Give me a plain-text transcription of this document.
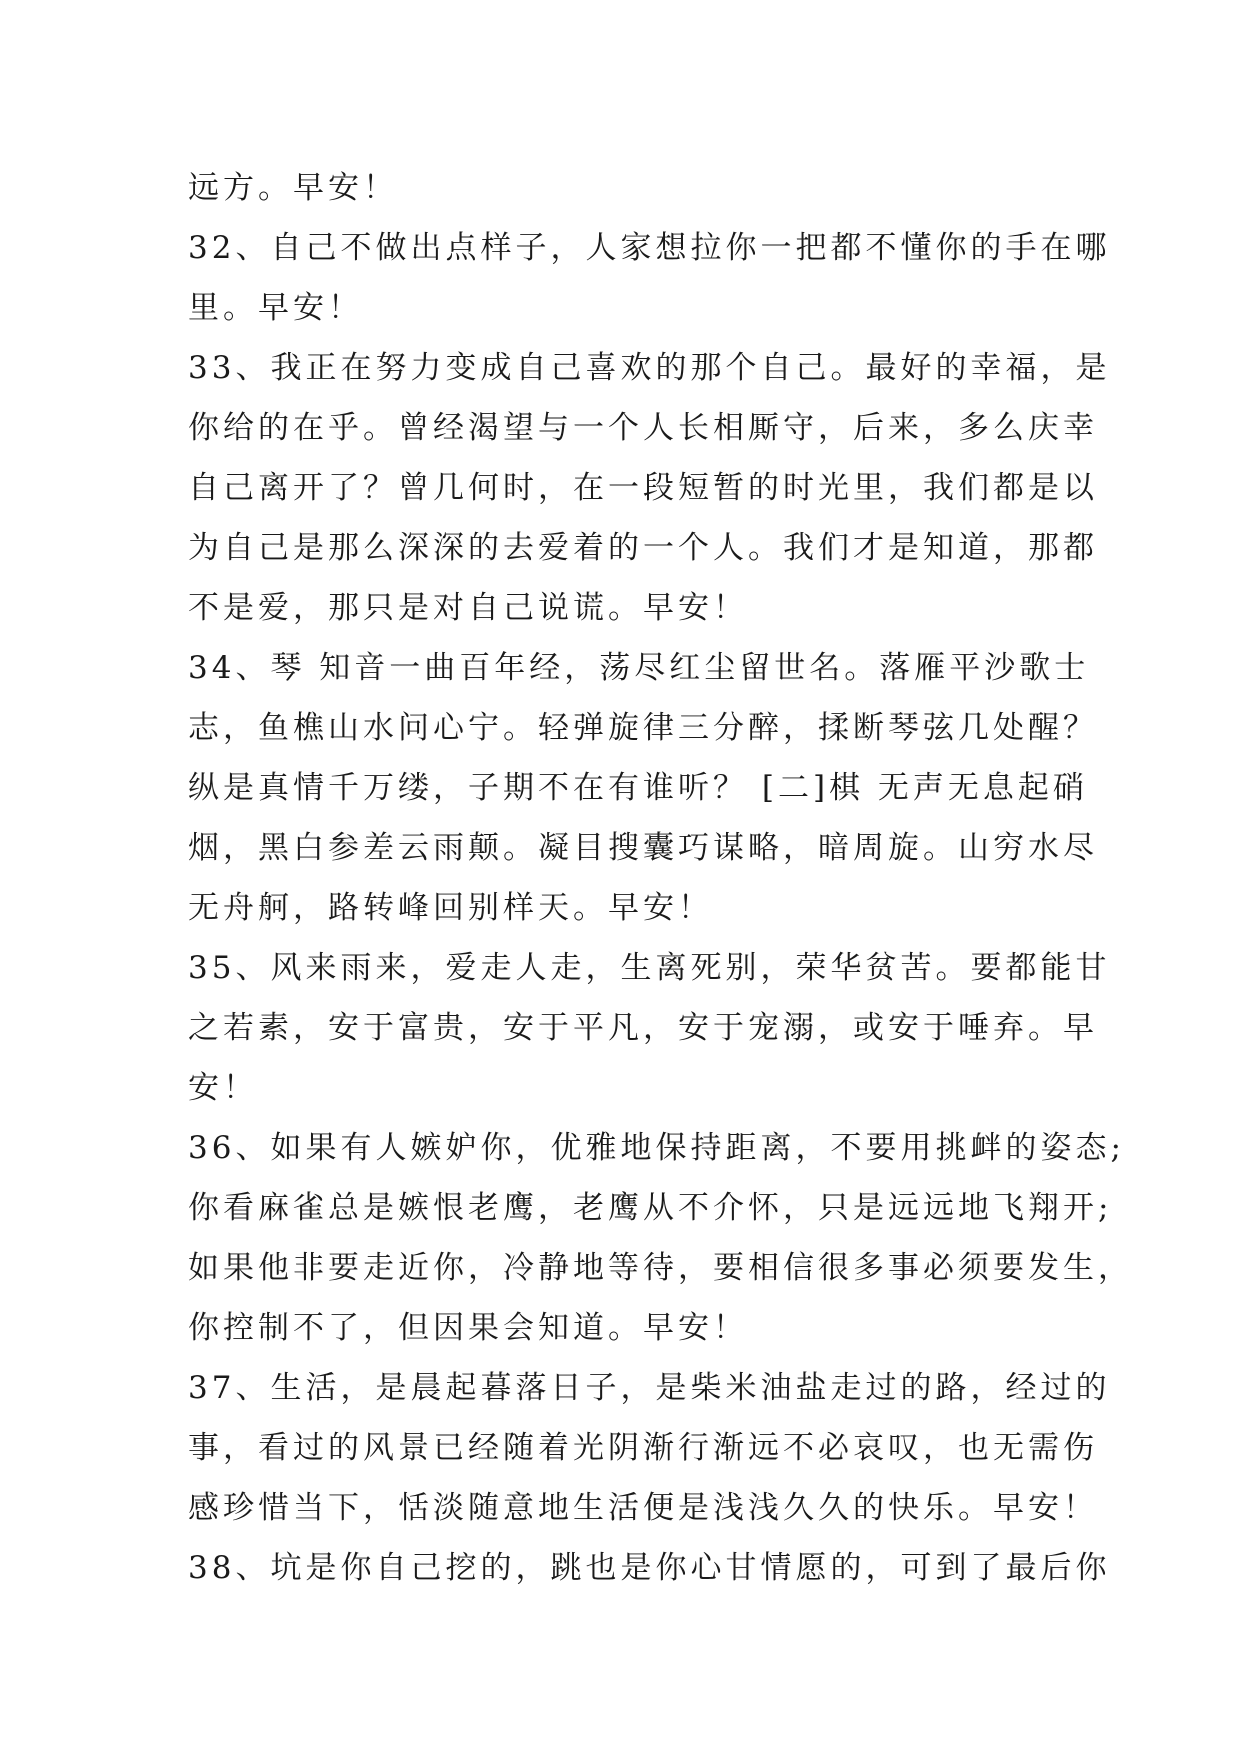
远方。早安！
32、自己不做出点样子，人家想拉你一把都不懂你的手在哪
里。早安！
33、我正在努力变成自己喜欢的那个自己。最好的幸福，是
你给的在乎。曾经渴望与一个人长相厮守，后来，多么庆幸
自己离开了？曾几何时，在一段短暂的时光里，我们都是以
为自己是那么深深的去爱着的一个人。我们才是知道，那都
不是爱，那只是对自己说谎。早安！
34、琴 知音一曲百年经，荡尽红尘留世名。落雁平沙歌士
志，鱼樵山水问心宁。轻弹旋律三分醉，揉断琴弦几处醒？
纵是真情千万缕，子期不在有谁听？ [二]棋 无声无息起硝
烟，黑白参差云雨颠。凝目搜囊巧谋略，暗周旋。山穷水尽
无舟舸，路转峰回别样天。早安！
35、风来雨来，爱走人走，生离死别，荣华贫苦。要都能甘
之若素，安于富贵，安于平凡，安于宠溺，或安于唾弃。早
安！
36、如果有人嫉妒你，优雅地保持距离，不要用挑衅的姿态;
你看麻雀总是嫉恨老鹰，老鹰从不介怀，只是远远地飞翔开;
如果他非要走近你，冷静地等待，要相信很多事必须要发生，
你控制不了，但因果会知道。早安！
37、生活，是晨起暮落日子，是柴米油盐走过的路，经过的
事，看过的风景已经随着光阴渐行渐远不必哀叹，也无需伤
感珍惜当下，恬淡随意地生活便是浅浅久久的快乐。早安！
38、坑是你自己挖的，跳也是你心甘情愿的，可到了最后你
